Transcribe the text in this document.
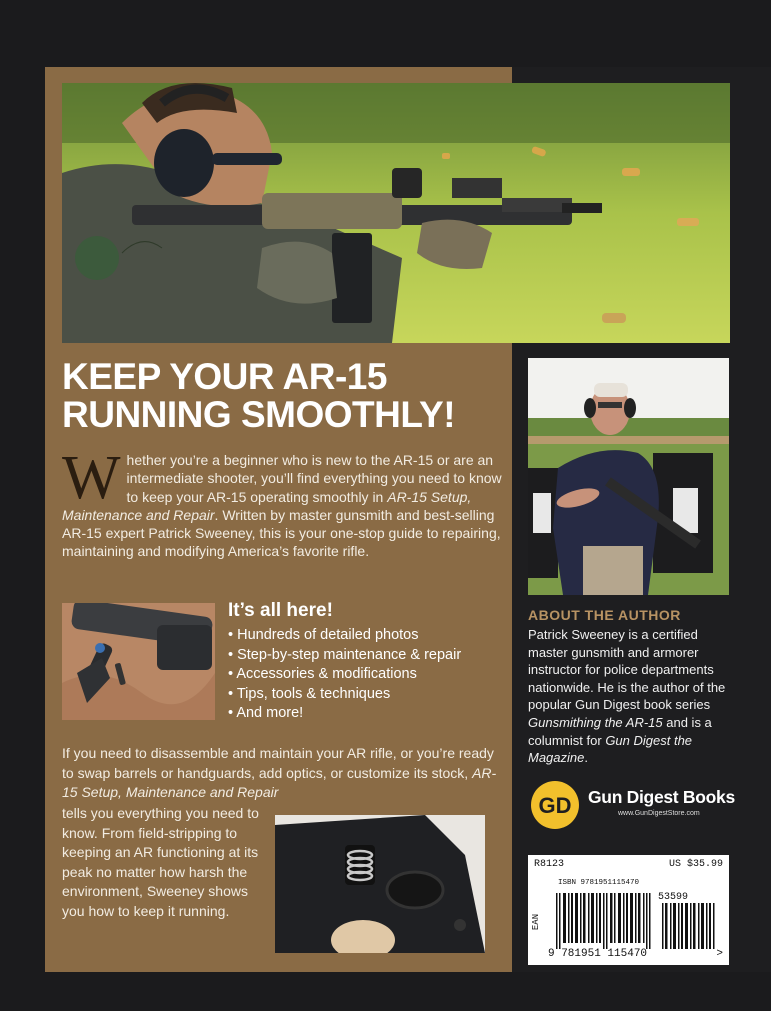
KEEP YOUR AR-15
RUNNING SMOOTHLY!
Whether you’re a beginner who is new to the AR-15 or are an intermediate shooter, you’ll find everything you need to know to keep your AR-15 operating smoothly in AR-15 Setup, Maintenance and Repair. Written by master gunsmith and best-selling AR-15 expert Patrick Sweeney, this is your one-stop guide to repairing, maintaining and modifying America’s favorite rifle.
It’s all here!
• Hundreds of detailed photos
• Step-by-step maintenance & repair
• Accessories & modifications
• Tips, tools & techniques
• And more!
If you need to disassemble and maintain your AR rifle, or you’re ready to swap barrels or handguards, add optics, or customize its stock, AR-15 Setup, Maintenance and Repair
tells you everything you need to know. From field-stripping to keeping an AR functioning at its peak no matter how harsh the environment, Sweeney shows you how to keep it running.
ABOUT THE AUTHOR
Patrick Sweeney is a certified master gunsmith and armorer instructor for police departments nationwide. He is the author of the popular Gun Digest book series Gunsmithing the AR-15 and is a columnist for Gun Digest the Magazine.
GD Gun Digest Books
www.GunDigestStore.com
R8123	US $35.99
ISBN 9781951115470
EAN
53599
9 781951 115470	>
